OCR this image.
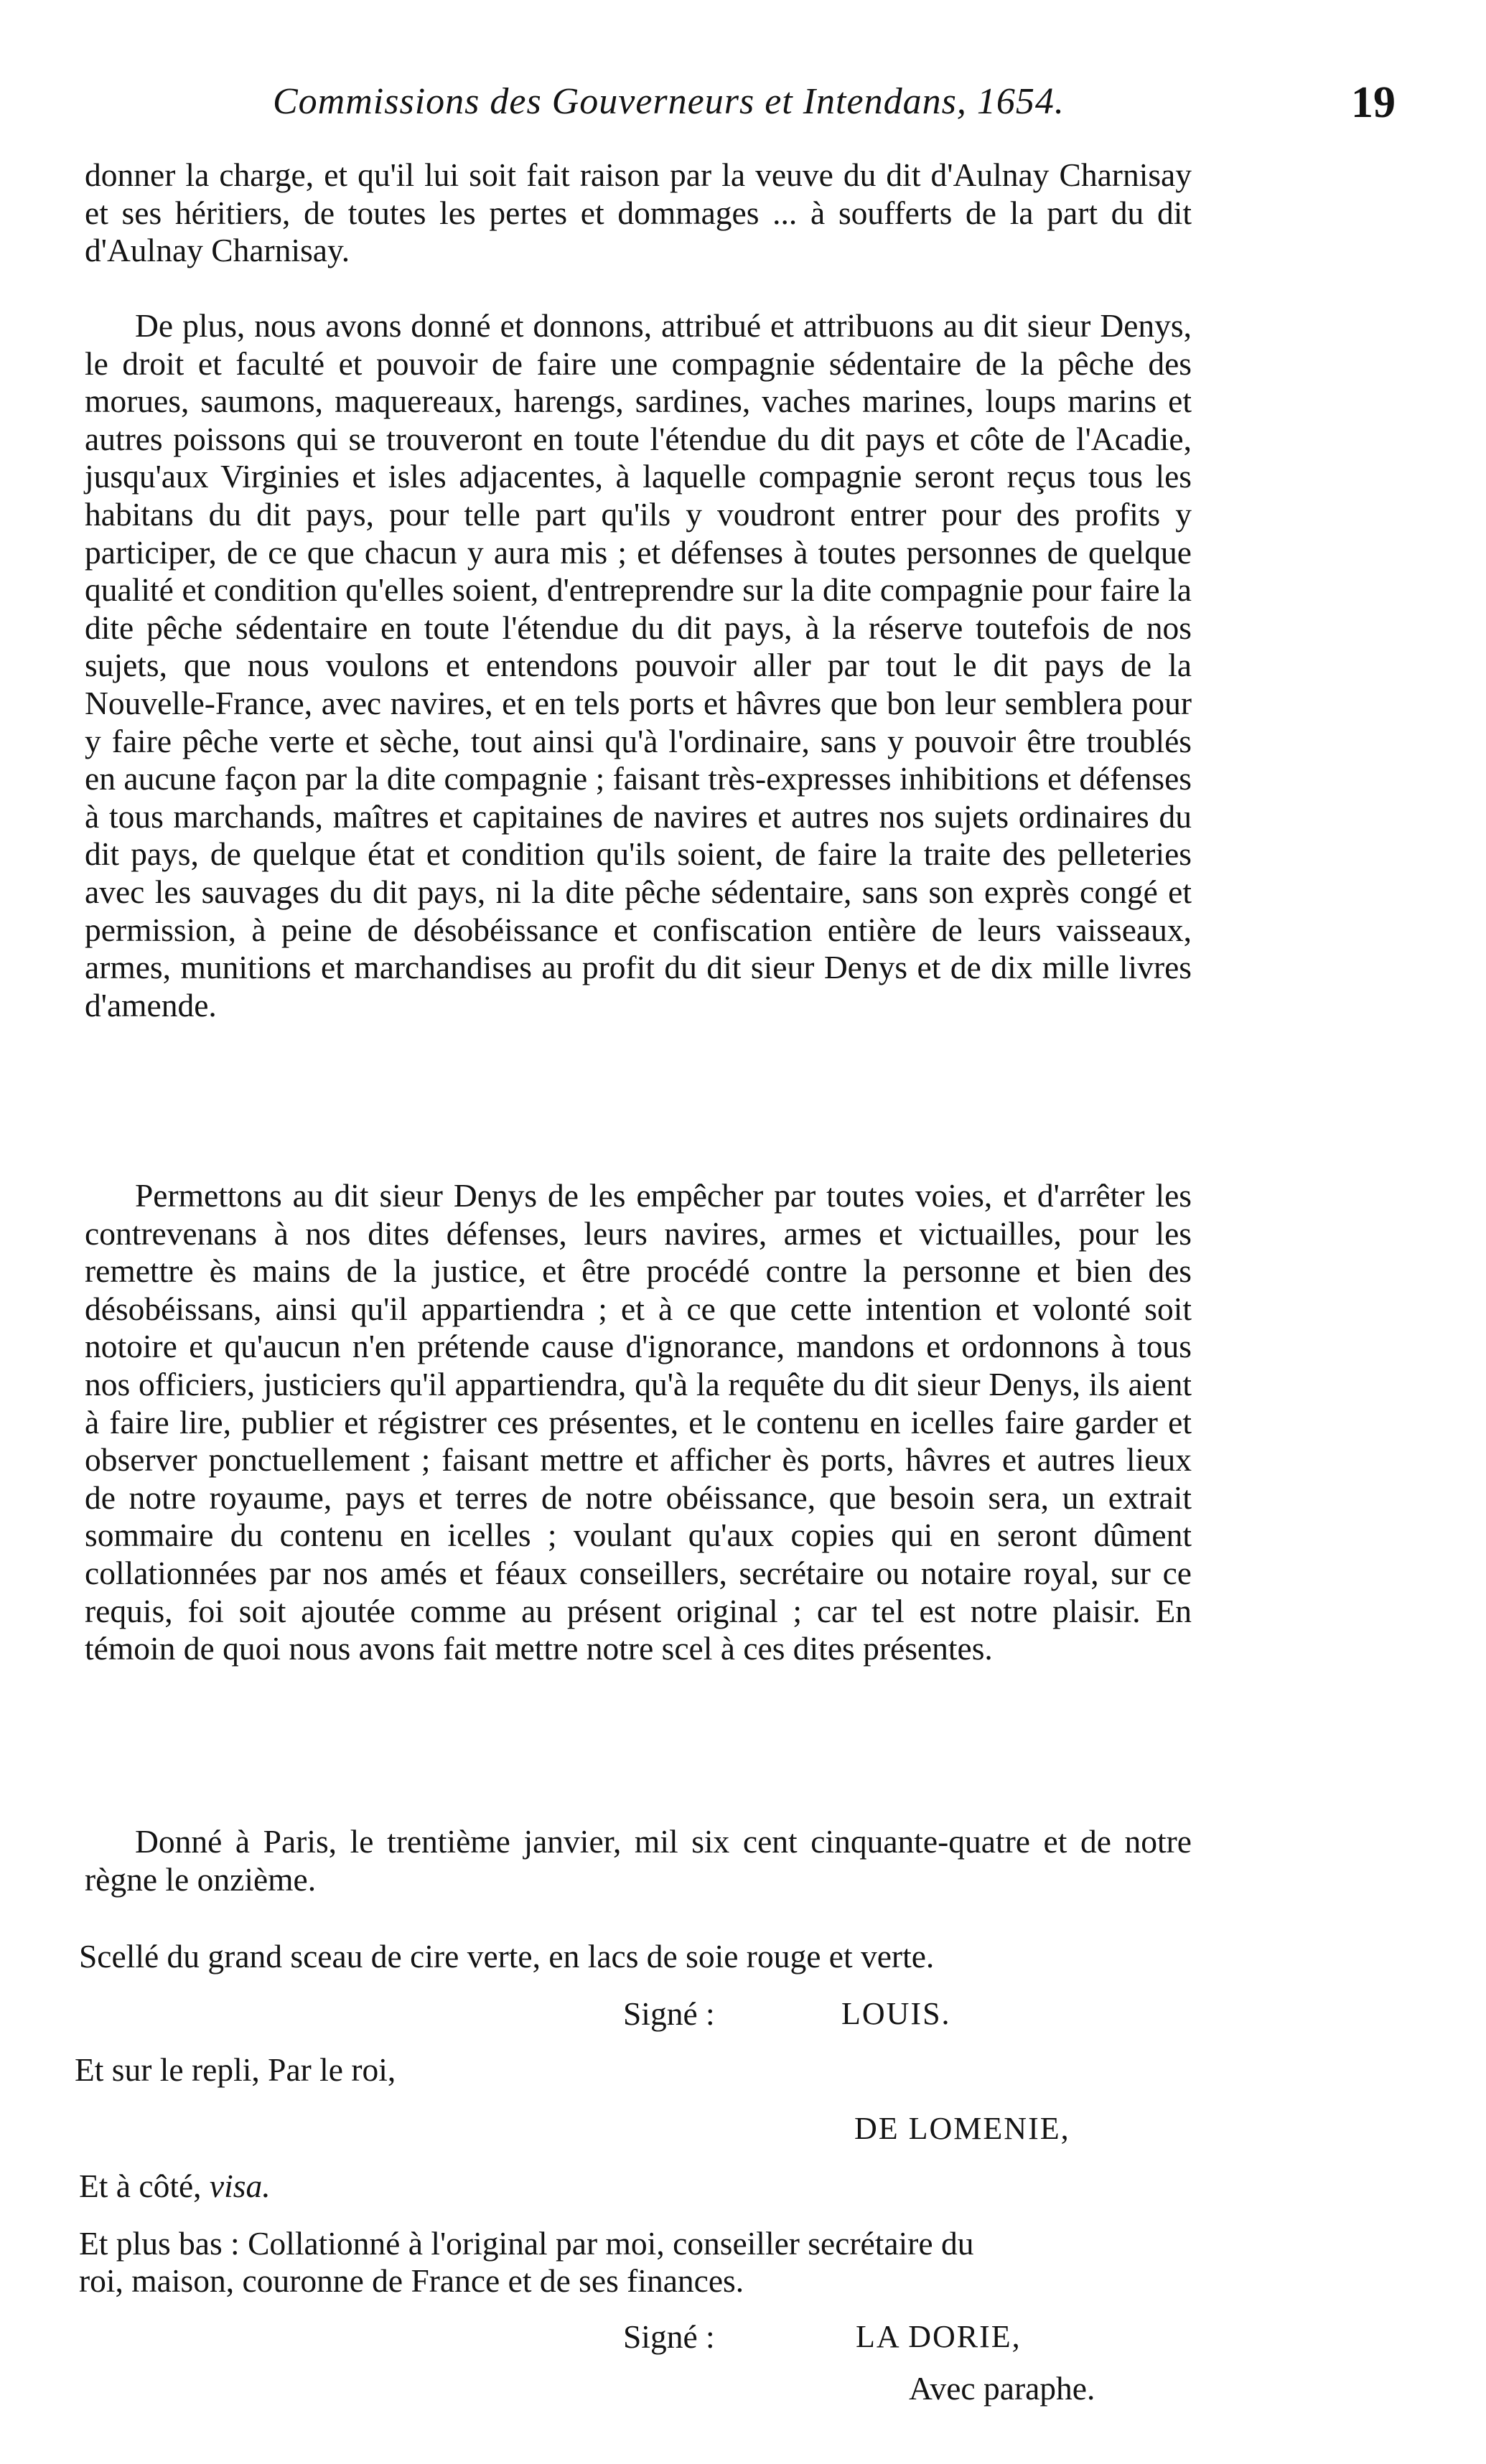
Commissions des Gouverneurs et Intendans, 1654.	19
donner la charge, et qu'il lui soit fait raison par la veuve du dit d'Aulnay Charnisay et ses héritiers, de toutes les pertes et dommages ... à soufferts de la part du dit d'Aulnay Charnisay.
De plus, nous avons donné et donnons, attribué et attribuons au dit sieur Denys, le droit et faculté et pouvoir de faire une compagnie sédentaire de la pêche des morues, saumons, maquereaux, harengs, sardines, vaches marines, loups marins et autres poissons qui se trouveront en toute l'étendue du dit pays et côte de l'Acadie, jusqu'aux Virginies et isles adjacentes, à laquelle compagnie seront reçus tous les habitans du dit pays, pour telle part qu'ils y voudront entrer pour des profits y participer, de ce que chacun y aura mis ; et défenses à toutes personnes de quelque qualité et condition qu'elles soient, d'entreprendre sur la dite compagnie pour faire la dite pêche sédentaire en toute l'étendue du dit pays, à la réserve toutefois de nos sujets, que nous voulons et entendons pouvoir aller par tout le dit pays de la Nouvelle-France, avec navires, et en tels ports et hâvres que bon leur semblera pour y faire pêche verte et sèche, tout ainsi qu'à l'ordinaire, sans y pouvoir être troublés en aucune façon par la dite compagnie ; faisant très-expresses inhibitions et défenses à tous marchands, maîtres et capitaines de navires et autres nos sujets ordinaires du dit pays, de quelque état et condition qu'ils soient, de faire la traite des pelleteries avec les sauvages du dit pays, ni la dite pêche sédentaire, sans son exprès congé et permission, à peine de désobéissance et confiscation entière de leurs vaisseaux, armes, munitions et marchandises au profit du dit sieur Denys et de dix mille livres d'amende.
Permettons au dit sieur Denys de les empêcher par toutes voies, et d'arrêter les contrevenans à nos dites défenses, leurs navires, armes et victuailles, pour les remettre ès mains de la justice, et être procédé contre la personne et bien des désobéissans, ainsi qu'il appartiendra ; et à ce que cette intention et volonté soit notoire et qu'aucun n'en prétende cause d'ignorance, mandons et ordonnons à tous nos officiers, justiciers qu'il appartiendra, qu'à la requête du dit sieur Denys, ils aient à faire lire, publier et régistrer ces présentes, et le contenu en icelles faire garder et observer ponctuellement ; faisant mettre et afficher ès ports, hâvres et autres lieux de notre royaume, pays et terres de notre obéissance, que besoin sera, un extrait sommaire du contenu en icelles ; voulant qu'aux copies qui en seront dûment collationnées par nos amés et féaux conseillers, secrétaire ou notaire royal, sur ce requis, foi soit ajoutée comme au présent original ; car tel est notre plaisir. En témoin de quoi nous avons fait mettre notre scel à ces dites présentes.
Donné à Paris, le trentième janvier, mil six cent cinquante-quatre et de notre règne le onzième.
Scellé du grand sceau de cire verte, en lacs de soie rouge et verte.
Signé :	LOUIS.
Et sur le repli, Par le roi,
DE LOMENIE,
Et à côté, visa.
Et plus bas : Collationné à l'original par moi, conseiller secrétaire du
roi, maison, couronne de France et de ses finances.
Signé :	LA DORIE,
Avec paraphe.
